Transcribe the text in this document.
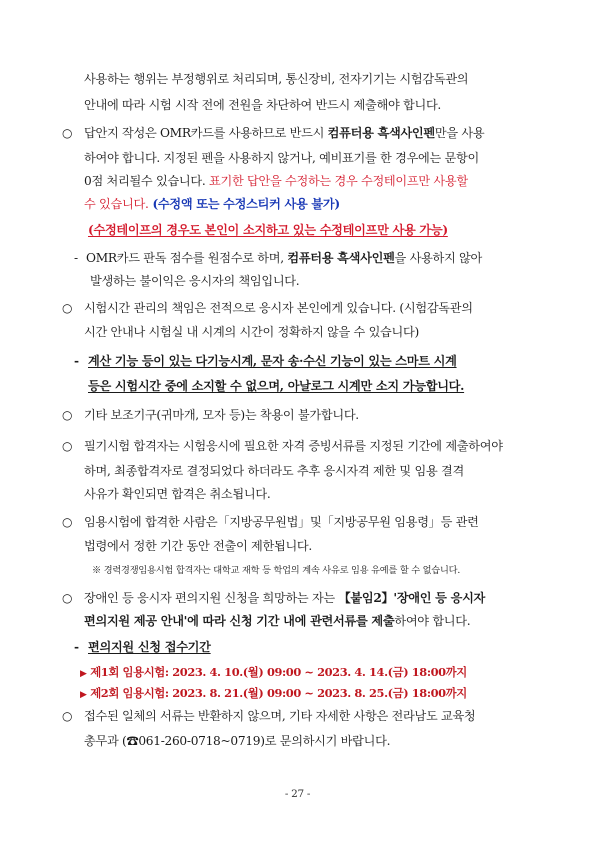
사용하는 행위는 부정행위로 처리되며, 통신장비, 전자기기는 시험감독관의
안내에 따라 시험 시작 전에 전원을 차단하여 반드시 제출해야 합니다.
○ 답안지 작성은 OMR카드를 사용하므로 반드시 컴퓨터용 흑색사인펜만을 사용
하여야 합니다. 지정된 펜을 사용하지 않거나, 예비표기를 한 경우에는 문항이
0점 처리될수 있습니다. 표기한 답안을 수정하는 경우 수정테이프만 사용할
수 있습니다. (수정액 또는 수정스티커 사용 불가)
(수정테이프의 경우도 본인이 소지하고 있는 수정테이프만 사용 가능)
- OMR카드 판독 점수를 원점수로 하며, 컴퓨터용 흑색사인펜을 사용하지 않아
발생하는 불이익은 응시자의 책임입니다.
○ 시험시간 관리의 책임은 전적으로 응시자 본인에게 있습니다. (시험감독관의
시간 안내나 시험실 내 시계의 시간이 정확하지 않을 수 있습니다)
- 계산 기능 등이 있는 다기능시계, 문자 송·수신 기능이 있는 스마트 시계
등은 시험시간 중에 소지할 수 없으며, 아날로그 시계만 소지 가능합니다.
○ 기타 보조기구(귀마개, 모자 등)는 착용이 불가합니다.
○ 필기시험 합격자는 시험응시에 필요한 자격 증빙서류를 지정된 기간에 제출하여야
하며, 최종합격자로 결정되었다 하더라도 추후 응시자격 제한 및 임용 결격
사유가 확인되면 합격은 취소됩니다.
○ 임용시험에 합격한 사람은「지방공무원법」및「지방공무원 임용령」등 관련
법령에서 정한 기간 동안 전출이 제한됩니다.
※ 경력경쟁임용시험 합격자는 대학교 재학 등 학업의 계속 사유로 임용 유예를 할 수 없습니다.
○ 장애인 등 응시자 편의지원 신청을 희망하는 자는 【붙임2】'장애인 등 응시자
편의지원 제공 안내'에 따라 신청 기간 내에 관련서류를 제출하여야 합니다.
- 편의지원 신청 접수기간
▶ 제1회 임용시험: 2023. 4. 10.(월) 09:00 ~ 2023. 4. 14.(금) 18:00까지
▶ 제2회 임용시험: 2023. 8. 21.(월) 09:00 ~ 2023. 8. 25.(금) 18:00까지
○ 접수된 일체의 서류는 반환하지 않으며, 기타 자세한 사항은 전라남도 교육청
총무과 (☎061-260-0718~0719)로 문의하시기 바랍니다.
- 27 -
